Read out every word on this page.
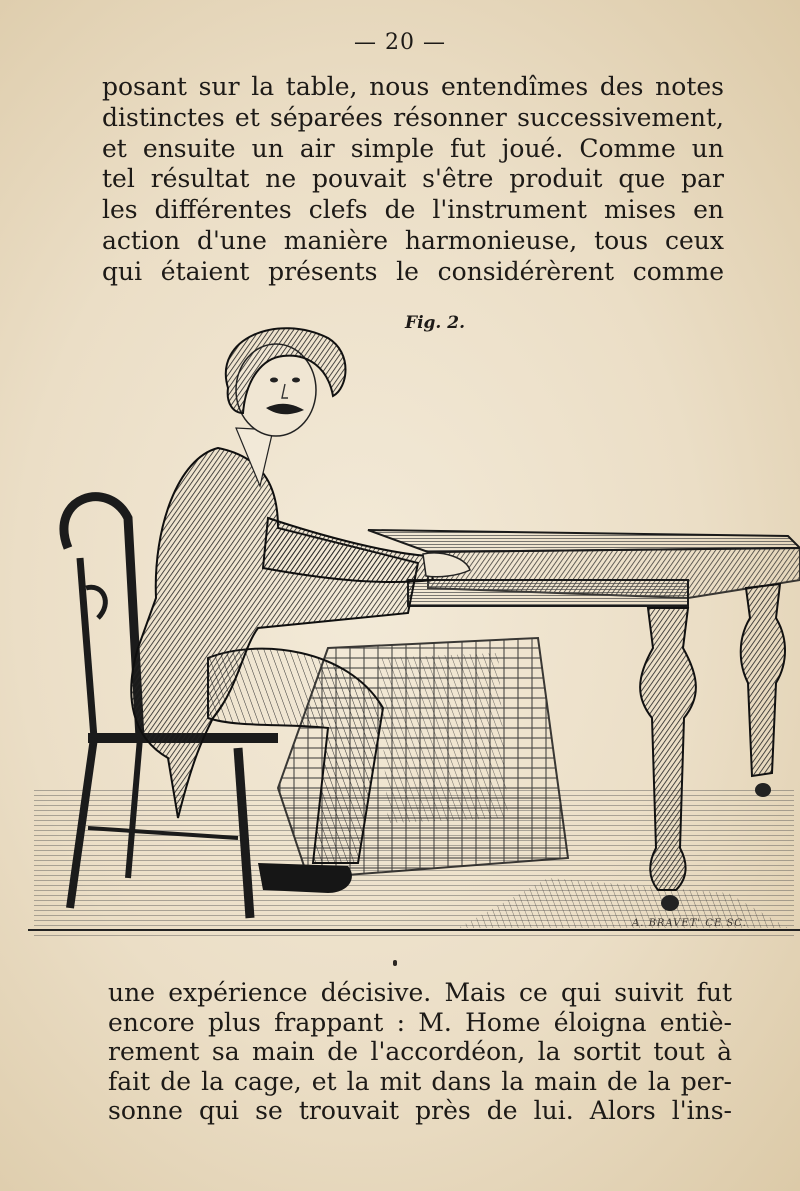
— 20 —
posant sur la table, nous entendîmes des notes
distinctes et séparées résonner successivement,
et ensuite un air simple fut joué. Comme un
tel résultat ne pouvait s'être produit que par
les différentes clefs de l'instrument mises en
action d'une manière harmonieuse, tous ceux
qui étaient présents le considérèrent comme
Fig. 2.
A. BRAVET' CE SC.
une expérience décisive. Mais ce qui suivit fut
encore plus frappant : M. Home éloigna entiè-
rement sa main de l'accordéon, la sortit tout à
fait de la cage, et la mit dans la main de la per-
sonne qui se trouvait près de lui. Alors l'ins-
